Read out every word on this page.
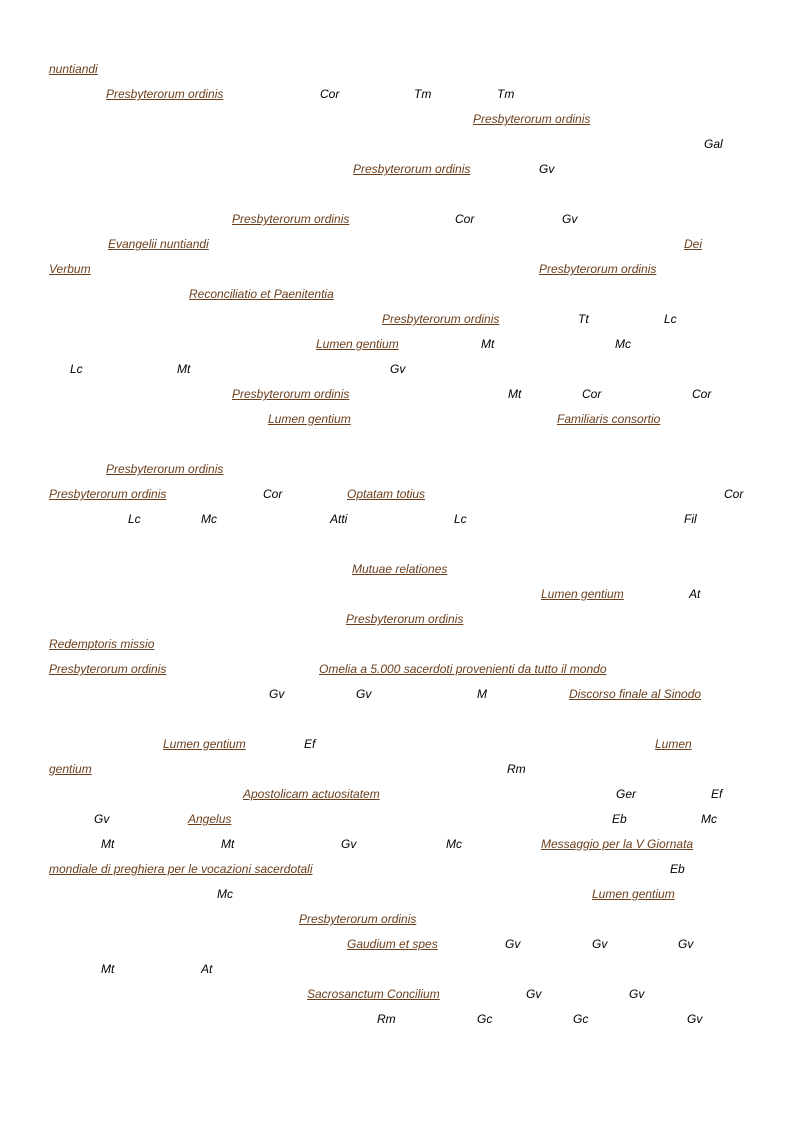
nuntiandi
Presbyterorum ordinis	Cor	Tm	Tm
Presbyterorum ordinis
Gal
Presbyterorum ordinis	Gv
Presbyterorum ordinis	Cor	Gv
Evangelii nuntiandi	Dei
Verbum	Presbyterorum ordinis
Reconciliatio et Paenitentia
Presbyterorum ordinis	Tt	Lc
Lumen gentium	Mt	Mc
Lc	Mt	Gv
Presbyterorum ordinis	Mt	Cor	Cor
Lumen gentium	Familiaris consortio
Presbyterorum ordinis
Presbyterorum ordinis	Cor	Optatam totius	Cor
Lc	Mc	Atti	Lc	Fil
Mutuae relationes
Lumen gentium	At
Presbyterorum ordinis
Redemptoris missio
Presbyterorum ordinis	Omelia a 5.000 sacerdoti provenienti da tutto il mondo
Gv	Gv	M	Discorso finale al Sinodo
Lumen gentium	Ef	Lumen
gentium	Rm
Apostolicam actuositatem	Ger	Ef
Gv	Angelus	Eb	Mc
Mt	Mt	Gv	Mc	Messaggio per la V Giornata
mondiale di preghiera per le vocazioni sacerdotali	Eb
Mc	Lumen gentium
Presbyterorum ordinis
Gaudium et spes	Gv	Gv	Gv
Mt	At
Sacrosanctum Concilium	Gv	Gv
Rm	Gc	Gc	Gv
